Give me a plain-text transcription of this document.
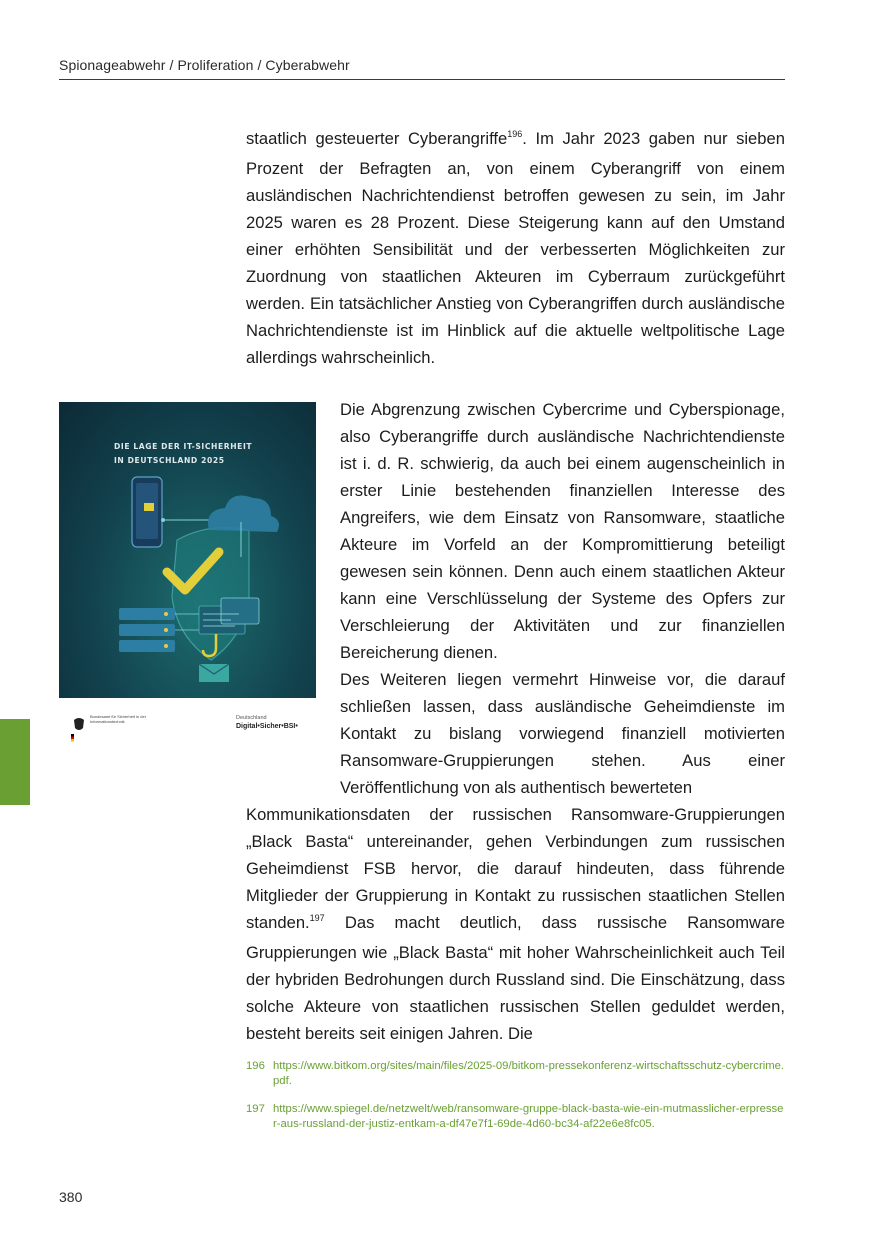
Spionageabwehr / Proliferation / Cyberabwehr

staatlich gesteuerter Cyberangriffe$^{196}$. Im Jahr 2023 gaben nur sieben Prozent der Befragten an, von einem Cyberangriff von einem ausländischen Nachrichtendienst betroffen gewesen zu sein, im Jahr 2025 waren es 28 Prozent. Diese Steigerung kann auf den Umstand einer erhöhten Sensibilität und der verbesserten Möglichkeiten zur Zuordnung von staatlichen Akteuren im Cyberraum zurückgeführt werden. Ein tatsächlicher Anstieg von Cyberangriffen durch ausländische Nachrichtendienste ist im Hinblick auf die aktuelle weltpolitische Lage allerdings wahrscheinlich.

DIE LAGE DER IT-SICHERHEIT
IN DEUTSCHLAND 2025
Bundesamt für Sicherheit in der Informationstechnik
Deutschland
Digital•Sicher•BSI•

Die Abgrenzung zwischen Cybercrime und Cyberspionage, also Cyberangriffe durch ausländische Nachrichtendienste ist i. d. R. schwierig, da auch bei einem augenscheinlich in erster Linie bestehenden finanziellen Interesse des Angreifers, wie dem Einsatz von Ransomware, staatliche Akteure im Vorfeld an der Kompromittierung beteiligt gewesen sein können. Denn auch einem staatlichen Akteur kann eine Verschlüsselung der Systeme des Opfers zur Verschleierung der Aktivitäten und zur finanziellen Bereicherung dienen.
Des Weiteren liegen vermehrt Hinweise vor, die darauf schließen lassen, dass ausländische Geheimdienste im Kontakt zu bislang vorwiegend finanziell motivierten Ransomware-Gruppierungen stehen. Aus einer Veröffentlichung von als authentisch bewerteten

Kommunikationsdaten der russischen Ransomware-Gruppierungen „Black Basta“ untereinander, gehen Verbindungen zum russischen Geheimdienst FSB hervor, die darauf hindeuten, dass führende Mitglieder der Gruppierung in Kontakt zu russischen staatlichen Stellen standen.$^{197}$ Das macht deutlich, dass russische Ransomware Gruppierungen wie „Black Basta“ mit hoher Wahrscheinlichkeit auch Teil der hybriden Bedrohungen durch Russland sind. Die Einschätzung, dass solche Akteure von staatlichen russischen Stellen geduldet werden, besteht bereits seit einigen Jahren. Die

196 https://www.bitkom.org/sites/main/files/2025-09/bitkom-pressekonferenz-wirtschaftsschutz-cybercrime.pdf.
197 https://www.spiegel.de/netzwelt/web/ransomware-gruppe-black-basta-wie-ein-mutmasslicher-erpresser-aus-russland-der-justiz-entkam-a-df47e7f1-69de-4d60-bc34-af22e6e8fc05.
380
